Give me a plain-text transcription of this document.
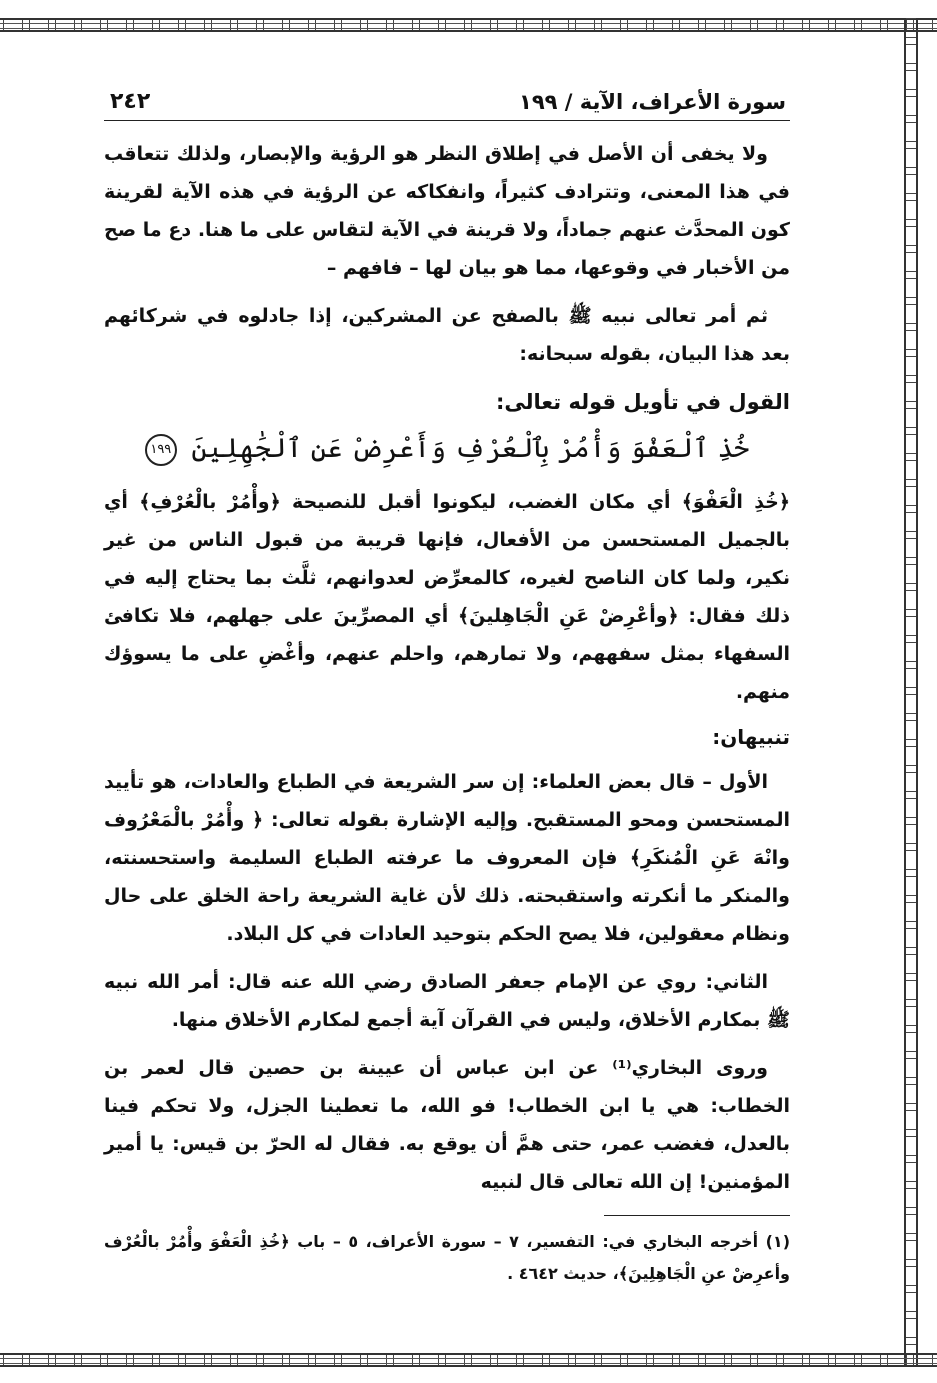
سورة الأعراف، الآية / ١٩٩
٢٤٢

ولا يخفى أن الأصل في إطلاق النظر هو الرؤية والإبصار، ولذلك تتعاقب في هذا المعنى، وتترادف كثيراً، وانفكاكه عن الرؤية في هذه الآية لقرينة كون المحدَّث عنهم جماداً، ولا قرينة في الآية لتقاس على ما هنا. دع ما صح من الأخبار في وقوعها، مما هو بيان لها – فافهم –

ثم أمر تعالى نبيه ﷺ بالصفح عن المشركين، إذا جادلوه في شركائهم بعد هذا البيان، بقوله سبحانه:

القول في تأويل قوله تعالى:
خُذِ ٱلْعَفْوَ وَأْمُرْ بِٱلْعُرْفِ وَأَعْرِضْ عَنِ ٱلْجَٰهِلِينَ ١٩٩

﴿خُذِ الْعَفْوَ﴾ أي مكان الغضب، ليكونوا أقبل للنصيحة ﴿وأْمُرْ بالْعُرْفِ﴾ أي بالجميل المستحسن من الأفعال، فإنها قريبة من قبول الناس من غير نكير، ولما كان الناصح لغيره، كالمعرِّض لعدوانهم، ثلَّث بما يحتاج إليه في ذلك فقال: ﴿وأعْرِضْ عَنِ الْجَاهِلينَ﴾ أي المصرِّينَ على جهلهم، فلا تكافئ السفهاء بمثل سفههم، ولا تمارهم، واحلم عنهم، وأغْضِ على ما يسوؤك منهم.

تنبيهان:

الأول – قال بعض العلماء: إن سر الشريعة في الطباع والعادات، هو تأييد المستحسن ومحو المستقبح. وإليه الإشارة بقوله تعالى: ﴿ وأْمُرْ بالْمَعْرُوف وانْهَ عَنِ الْمُنكَرِ﴾ فإن المعروف ما عرفته الطباع السليمة واستحسنته، والمنكر ما أنكرته واستقبحته. ذلك لأن غاية الشريعة راحة الخلق على حال ونظام معقولين، فلا يصح الحكم بتوحيد العادات في كل البلاد.

الثاني: روي عن الإمام جعفر الصادق رضي الله عنه قال: أمر الله نبيه ﷺ بمكارم الأخلاق، وليس في القرآن آية أجمع لمكارم الأخلاق منها.

وروى البخاري⁽¹⁾ عن ابن عباس أن عيينة بن حصين قال لعمر بن الخطاب: هي يا ابن الخطاب! فو الله، ما تعطينا الجزل، ولا تحكم فينا بالعدل، فغضب عمر، حتى همَّ أن يوقع به. فقال له الحرّ بن قيس: يا أمير المؤمنين! إن الله تعالى قال لنبيه

(١) أخرجه البخاري في: التفسير، ٧ – سورة الأعراف، ٥ – باب ﴿خُذِ الْعَفْوَ وأْمُرْ بالْعُرْف وأعرِضْ عنِ الْجَاهِلِينَ﴾، حديث ٤٦٤٢ .
